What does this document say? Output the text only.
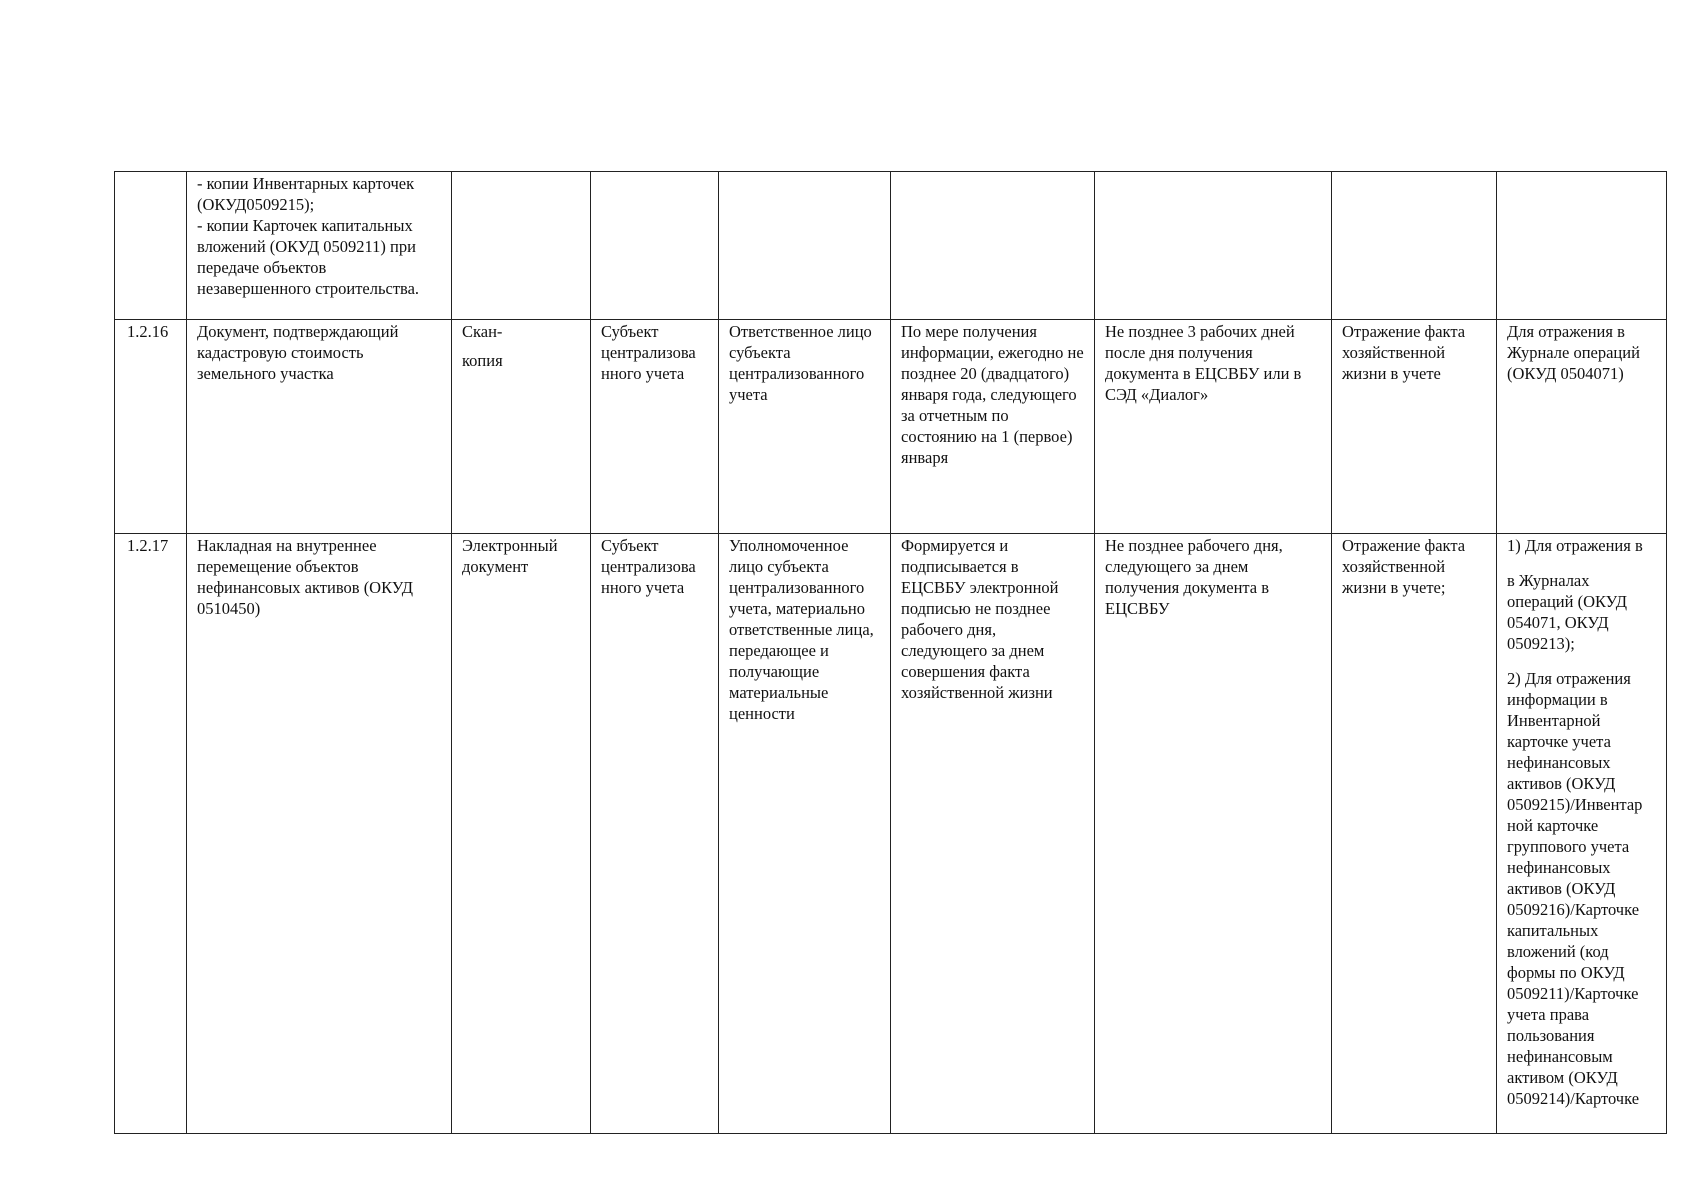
	- копии Инвентарных карточек (ОКУД0509215);
- копии Карточек капитальных вложений (ОКУД 0509211) при передаче объектов незавершенного строительства.							

1.2.16	Документ, подтверждающий кадастровую стоимость земельного участка	Скан-
копия	Субъект централизова нного учета	Ответственное лицо субъекта централизованного учета	По мере получения информации, ежегодно не позднее 20 (двадцатого) января года, следующего за отчетным по состоянию на 1 (первое) января	Не позднее 3 рабочих дней после дня получения документа в ЕЦСВБУ или в СЭД «Диалог»	Отражение факта хозяйственной жизни в учете	Для отражения в Журнале операций (ОКУД 0504071)
1.2.17	Накладная на внутреннее перемещение объектов нефинансовых активов (ОКУД 0510450)	Электронный документ	Субъект централизова нного учета	Уполномоченное лицо субъекта централизованного учета, материально ответственные лица, передающее и получающие материальные ценности	Формируется и подписывается в ЕЦСВБУ электронной подписью не позднее рабочего дня, следующего за днем совершения факта хозяйственной жизни	Не позднее рабочего дня, следующего за днем получения документа в ЕЦСВБУ	Отражение факта хозяйственной жизни в учете;	1) Для отражения в
в Журналах операций (ОКУД 054071, ОКУД 0509213);
2) Для отражения информации в Инвентарной карточке учета нефинансовых активов (ОКУД 0509215)/Инвентар ной карточке группового учета нефинансовых активов (ОКУД 0509216)/Карточке капитальных вложений (код формы по ОКУД 0509211)/Карточке учета права пользования нефинансовым активом (ОКУД 0509214)/Карточке
